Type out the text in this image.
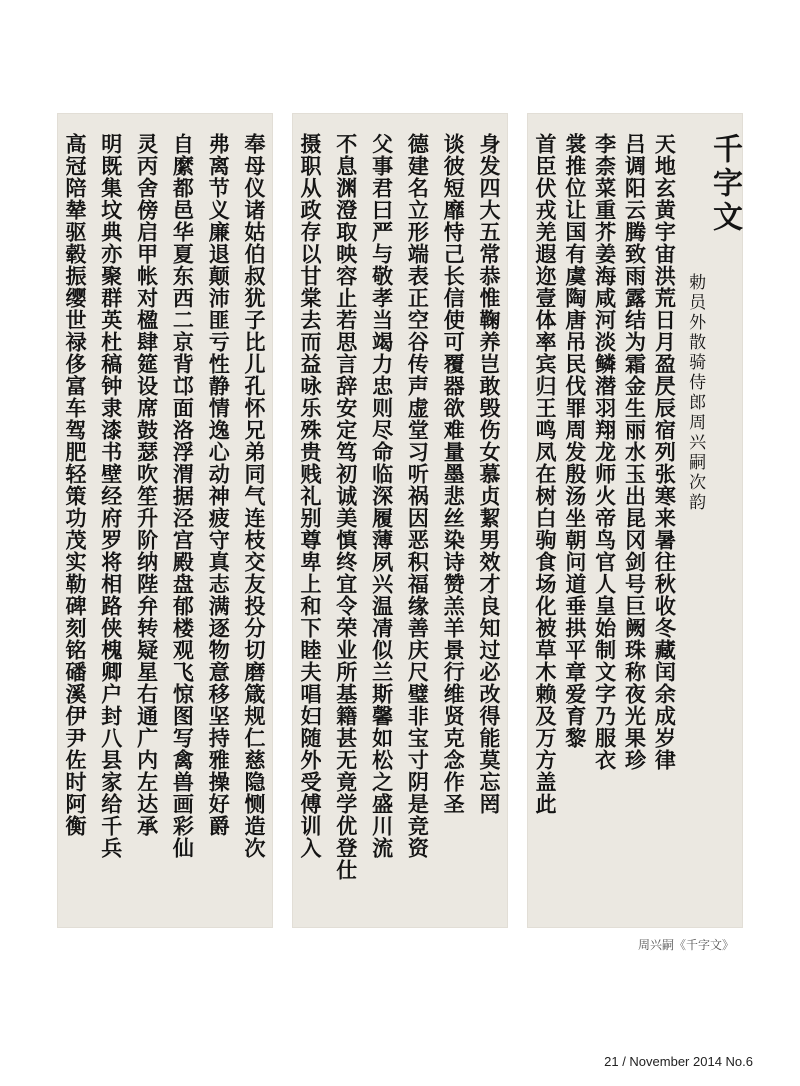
奉母仪诸姑伯叔犹子比儿孔怀兄弟同气连枝交友投分切磨箴规仁慈隐恻造次
弗离节义廉退颠沛匪亏性静情逸心动神疲守真志满逐物意移坚持雅操好爵
自縻都邑华夏东西二京背邙面洛浮渭据泾宫殿盘郁楼观飞惊图写禽兽画彩仙
灵丙舍傍启甲帐对楹肆筵设席鼓瑟吹笙升阶纳陛弁转疑星右通广内左达承
明既集坟典亦聚群英杜稿钟隶漆书壁经府罗将相路侠槐卿户封八县家给千兵
高冠陪辇驱毂振缨世禄侈富车驾肥轻策功茂实勒碑刻铭磻溪伊尹佐时阿衡	身发四大五常恭惟鞠养岂敢毁伤女慕贞絜男效才良知过必改得能莫忘罔
谈彼短靡恃己长信使可覆器欲难量墨悲丝染诗赞羔羊景行维贤克念作圣
德建名立形端表正空谷传声虚堂习听祸因恶积福缘善庆尺璧非宝寸阴是竞资
父事君曰严与敬孝当竭力忠则尽命临深履薄夙兴温凊似兰斯馨如松之盛川流
不息渊澄取映容止若思言辞安定笃初诚美慎终宜令荣业所基籍甚无竟学优登仕
摄职从政存以甘棠去而益咏乐殊贵贱礼别尊卑上和下睦夫唱妇随外受傅训入	千字文
勅员外散骑侍郎周兴嗣次韵
天地玄黄宇宙洪荒日月盈昃辰宿列张寒来暑往秋收冬藏闰余成岁律
吕调阳云腾致雨露结为霜金生丽水玉出昆冈剑号巨阙珠称夜光果珍
李柰菜重芥姜海咸河淡鳞潜羽翔龙师火帝鸟官人皇始制文字乃服衣
裳推位让国有虞陶唐吊民伐罪周发殷汤坐朝问道垂拱平章爱育黎
首臣伏戎羌遐迩壹体率宾归王鸣凤在树白驹食场化被草木赖及万方盖此
周兴嗣《千字文》
21 / November 2014 No.6
